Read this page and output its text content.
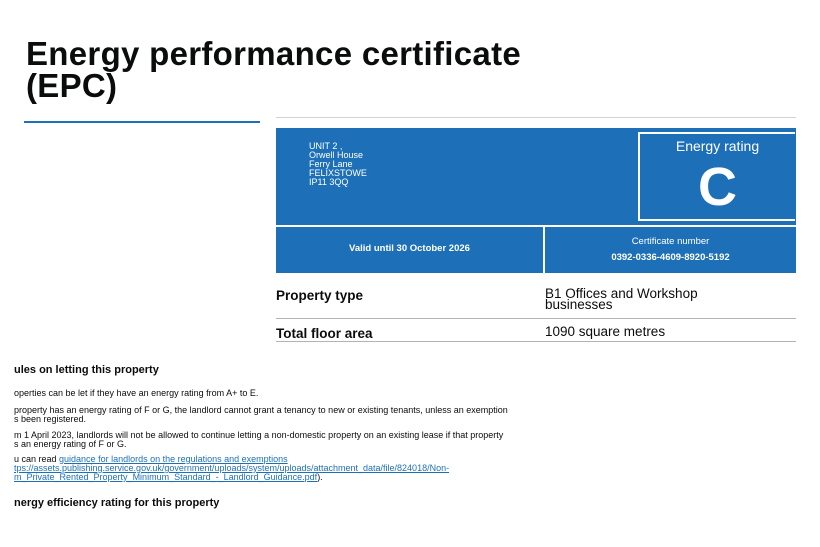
Energy performance certificate
(EPC)
UNIT 2 ,
Orwell House
Ferry Lane
FELIXSTOWE
IP11 3QQ
Energy rating
C
Valid until 30 October 2026
Certificate number
0392-0336-4609-8920-5192
Property type	B1 Offices and Workshop
businesses
Total floor area	1090 square metres
ules on letting this property
operties can be let if they have an energy rating from A+ to E.
property has an energy rating of F or G, the landlord cannot grant a tenancy to new or existing tenants, unless an exemption
s been registered.
m 1 April 2023, landlords will not be allowed to continue letting a non-domestic property on an existing lease if that property
s an energy rating of F or G.
u can read guidance for landlords on the regulations and exemptions
tps://assets.publishing.service.gov.uk/government/uploads/system/uploads/attachment_data/file/824018/Non-
m_Private_Rented_Property_Minimum_Standard_-_Landlord_Guidance.pdf).
nergy efficiency rating for this property
